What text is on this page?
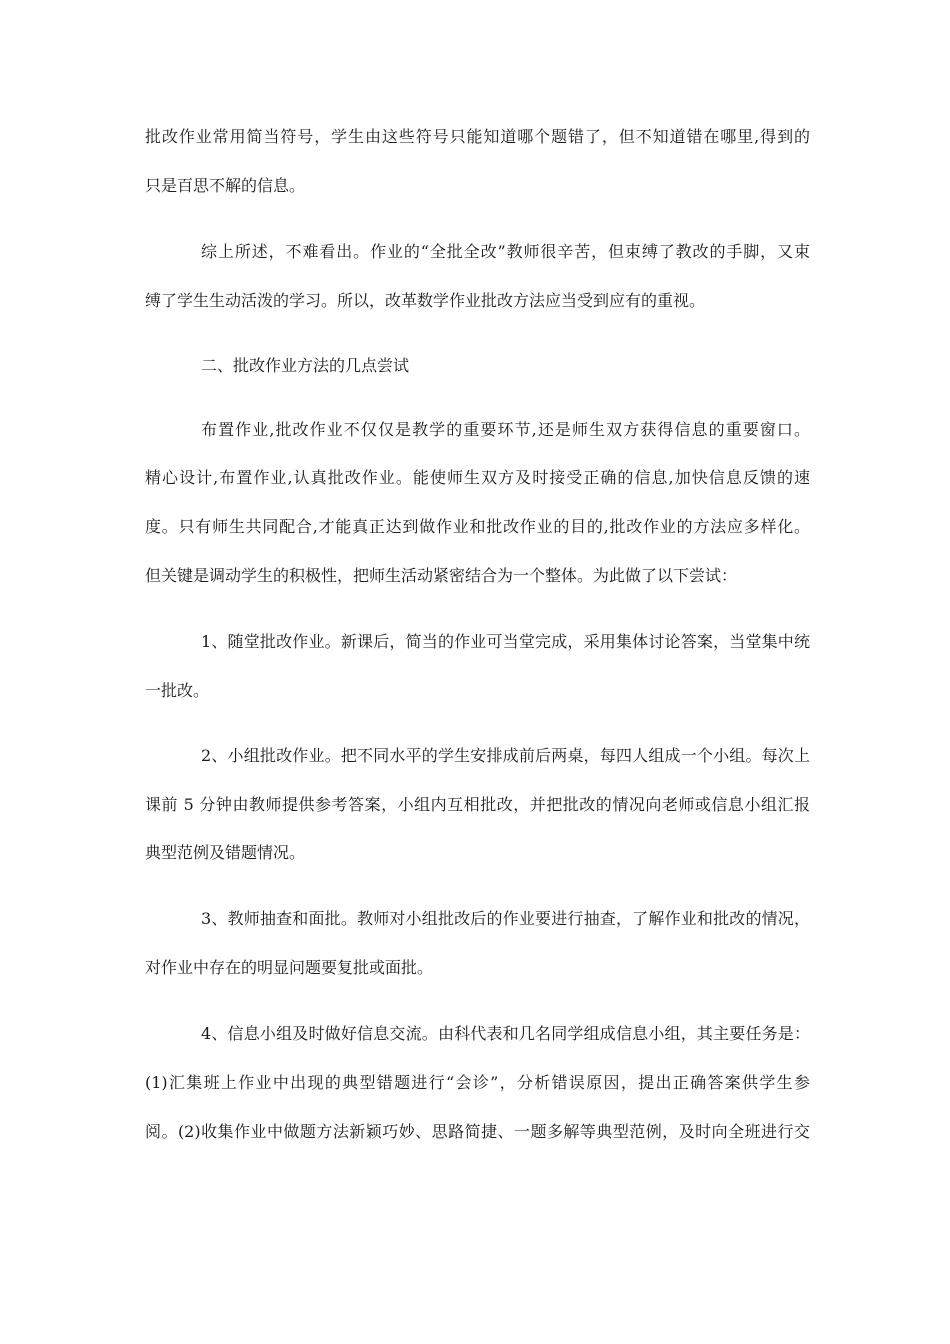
批改作业常用简当符号，学生由这些符号只能知道哪个题错了，但不知道错在哪里,得到的
只是百思不解的信息。
综上所述，不难看出。作业的“全批全改”教师很辛苦，但束缚了教改的手脚，又束
缚了学生生动活泼的学习。所以，改革数学作业批改方法应当受到应有的重视。
二、批改作业方法的几点尝试
布置作业,批改作业不仅仅是教学的重要环节,还是师生双方获得信息的重要窗口。
精心设计,布置作业,认真批改作业。能使师生双方及时接受正确的信息,加快信息反馈的速
度。只有师生共同配合,才能真正达到做作业和批改作业的目的,批改作业的方法应多样化。
但关键是调动学生的积极性，把师生活动紧密结合为一个整体。为此做了以下尝试：
1、随堂批改作业。新课后，简当的作业可当堂完成，采用集体讨论答案，当堂集中统
一批改。
2、小组批改作业。把不同水平的学生安排成前后两桌，每四人组成一个小组。每次上
课前 5 分钟由教师提供参考答案，小组内互相批改，并把批改的情况向老师或信息小组汇报
典型范例及错题情况。
3、教师抽查和面批。教师对小组批改后的作业要进行抽查，了解作业和批改的情况，
对作业中存在的明显问题要复批或面批。
4、信息小组及时做好信息交流。由科代表和几名同学组成信息小组，其主要任务是：
(1)汇集班上作业中出现的典型错题进行“会诊”，分析错误原因，提出正确答案供学生参
阅。(2)收集作业中做题方法新颖巧妙、思路简捷、一题多解等典型范例，及时向全班进行交
